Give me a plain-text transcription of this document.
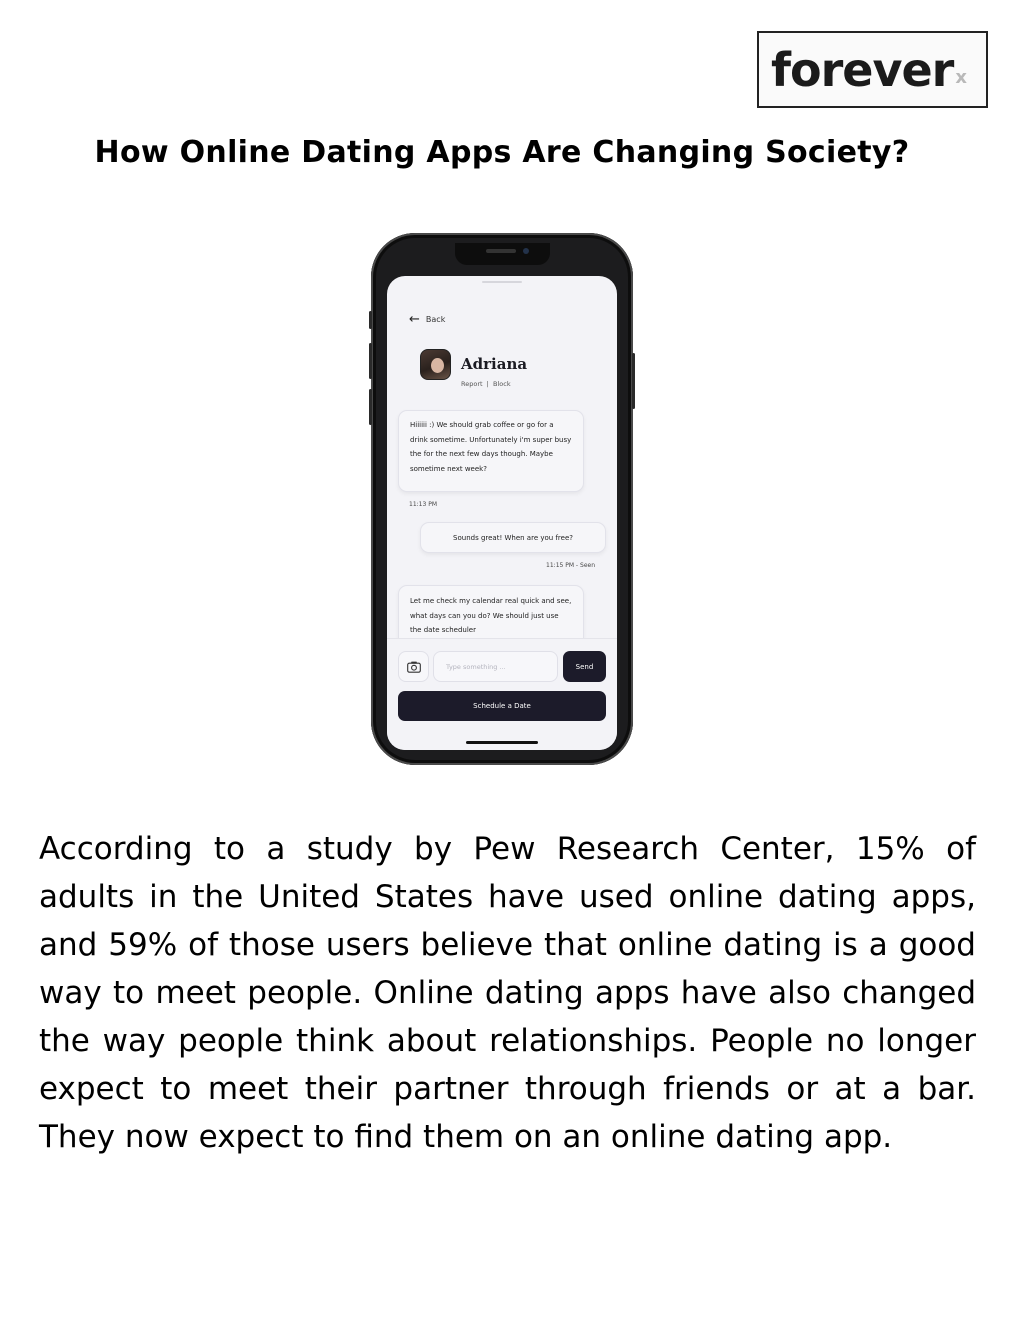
forever x
How Online Dating Apps Are Changing Society?
← Back
Adriana
Report  |  Block
Hiiiiii :) We should grab coffee or go for a drink sometime. Unfortunately i'm super busy the for the next few days though. Maybe sometime next week?
11:13 PM
Sounds great! When are you free?
11:15 PM - Seen
Let me check my calendar real quick and see, what days can you do? We should just use the date scheduler
Type something ...
Send
Schedule a Date

According to a study by Pew Research Center, 15% of adults in the United States have used online dating apps, and 59% of those users believe that online dating is a good way to meet people. Online dating apps have also changed the way people think about relationships. People no longer expect to meet their partner through friends or at a bar. They now expect to find them on an online dating app.
